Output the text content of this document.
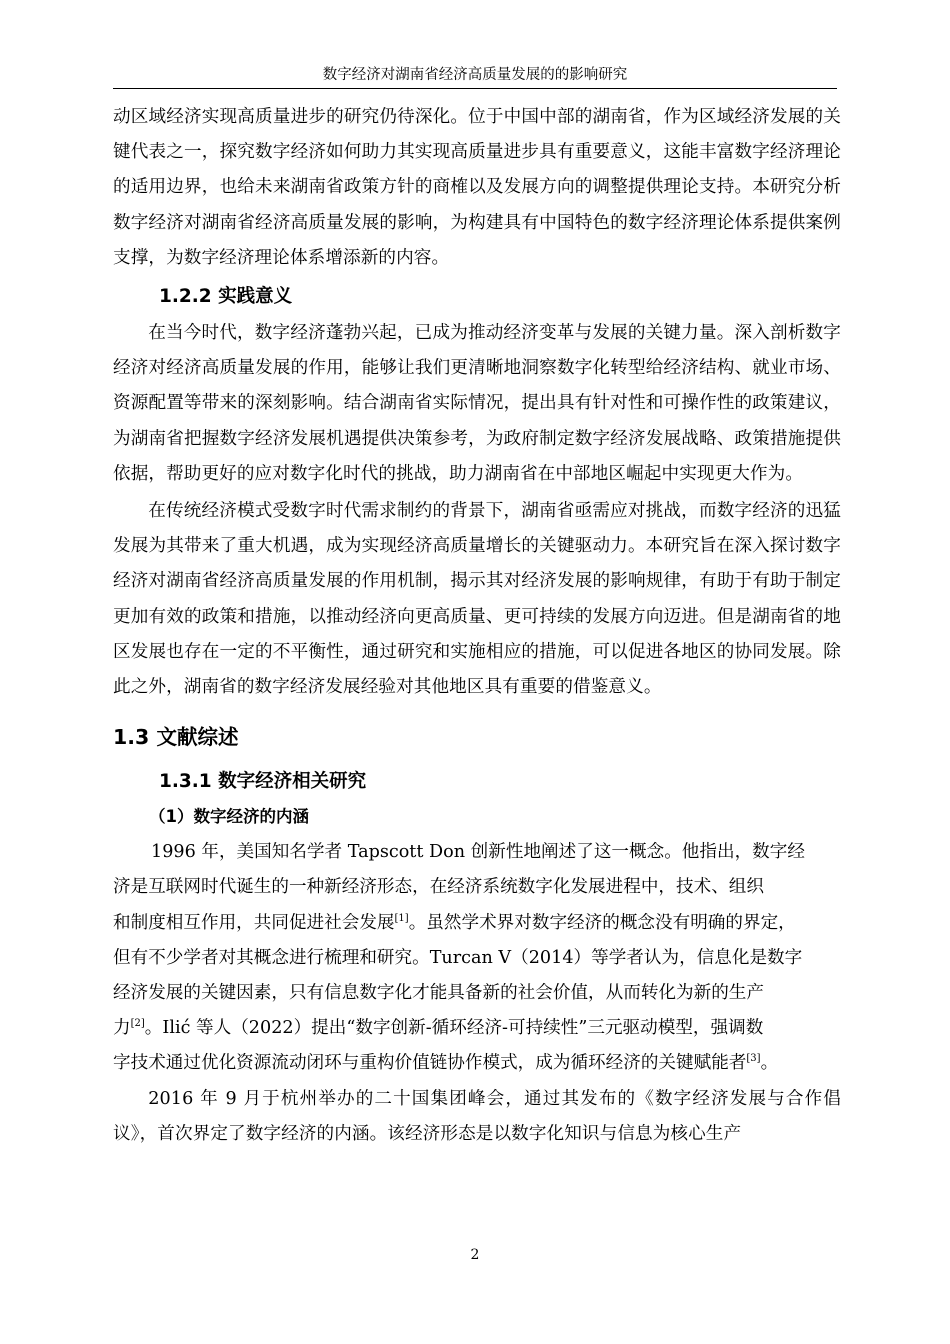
数字经济对湖南省经济高质量发展的的影响研究

动区域经济实现高质量进步的研究仍待深化。位于中国中部的湖南省，作为区域经济发展的关键代表之一，探究数字经济如何助力其实现高质量进步具有重要意义，这能丰富数字经济理论的适用边界，也给未来湖南省政策方针的商榷以及发展方向的调整提供理论支持。本研究分析数字经济对湖南省经济高质量发展的影响，为构建具有中国特色的数字经济理论体系提供案例支撑，为数字经济理论体系增添新的内容。

1.2.2 实践意义

在当今时代，数字经济蓬勃兴起，已成为推动经济变革与发展的关键力量。深入剖析数字经济对经济高质量发展的作用，能够让我们更清晰地洞察数字化转型给经济结构、就业市场、资源配置等带来的深刻影响。结合湖南省实际情况，提出具有针对性和可操作性的政策建议，为湖南省把握数字经济发展机遇提供决策参考，为政府制定数字经济发展战略、政策措施提供依据，帮助更好的应对数字化时代的挑战，助力湖南省在中部地区崛起中实现更大作为。

在传统经济模式受数字时代需求制约的背景下，湖南省亟需应对挑战，而数字经济的迅猛发展为其带来了重大机遇，成为实现经济高质量增长的关键驱动力。本研究旨在深入探讨数字经济对湖南省经济高质量发展的作用机制，揭示其对经济发展的影响规律，有助于有助于制定更加有效的政策和措施，以推动经济向更高质量、更可持续的发展方向迈进。但是湖南省的地区发展也存在一定的不平衡性，通过研究和实施相应的措施，可以促进各地区的协同发展。除此之外，湖南省的数字经济发展经验对其他地区具有重要的借鉴意义。

1.3 文献综述
1.3.1 数字经济相关研究
（1）数字经济的内涵
1996 年，美国知名学者 Tapscott Don 创新性地阐述了这一概念。他指出，数字经
济是互联网时代诞生的一种新经济形态，在经济系统数字化发展进程中，技术、组织
和制度相互作用，共同促进社会发展[1]。虽然学术界对数字经济的概念没有明确的界定，
但有不少学者对其概念进行梳理和研究。Turcan V（2014）等学者认为，信息化是数字
经济发展的关键因素，只有信息数字化才能具备新的社会价值，从而转化为新的生产
力[2]。Ilić 等人（2022）提出“数字创新-循环经济-可持续性”三元驱动模型，强调数
字技术通过优化资源流动闭环与重构价值链协作模式，成为循环经济的关键赋能者[3]。

2016 年 9 月于杭州举办的二十国集团峰会，通过其发布的《数字经济发展与合作倡议》，首次界定了数字经济的内涵。该经济形态是以数字化知识与信息为核心生产

2
